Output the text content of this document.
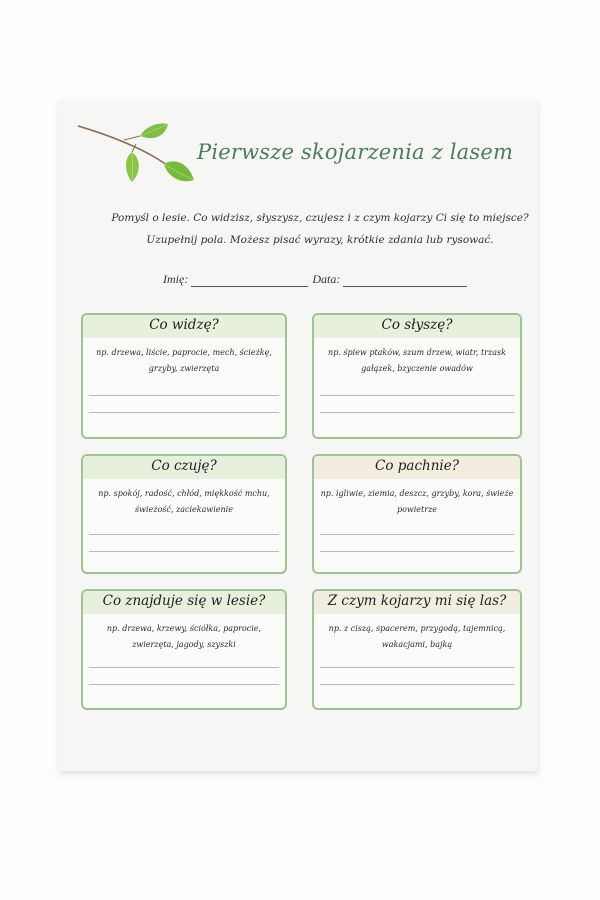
Pierwsze skojarzenia z lasem
Pomyśl o lesie. Co widzisz, słyszysz, czujesz i z czym kojarzy Ci się to miejsce?
Uzupełnij pola. Możesz pisać wyrazy, krótkie zdania lub rysować.
Imię:	Data:
Co widzę?
np. drzewa, liście, paprocie, mech, ścieżkę, grzyby, zwierzęta
Co słyszę?
np. śpiew ptaków, szum drzew, wiatr, trzask gałązek, bzyczenie owadów
Co czuję?
np. spokój, radość, chłód, miękkość mchu, świeżość, zaciekawienie
Co pachnie?
np. igliwie, ziemia, deszcz, grzyby, kora, świeże powietrze
Co znajduje się w lesie?
np. drzewa, krzewy, ściółka, paprocie, zwierzęta, jagody, szyszki
Z czym kojarzy mi się las?
np. z ciszą, spacerem, przygodą, tajemnicą, wakacjami, bajką
